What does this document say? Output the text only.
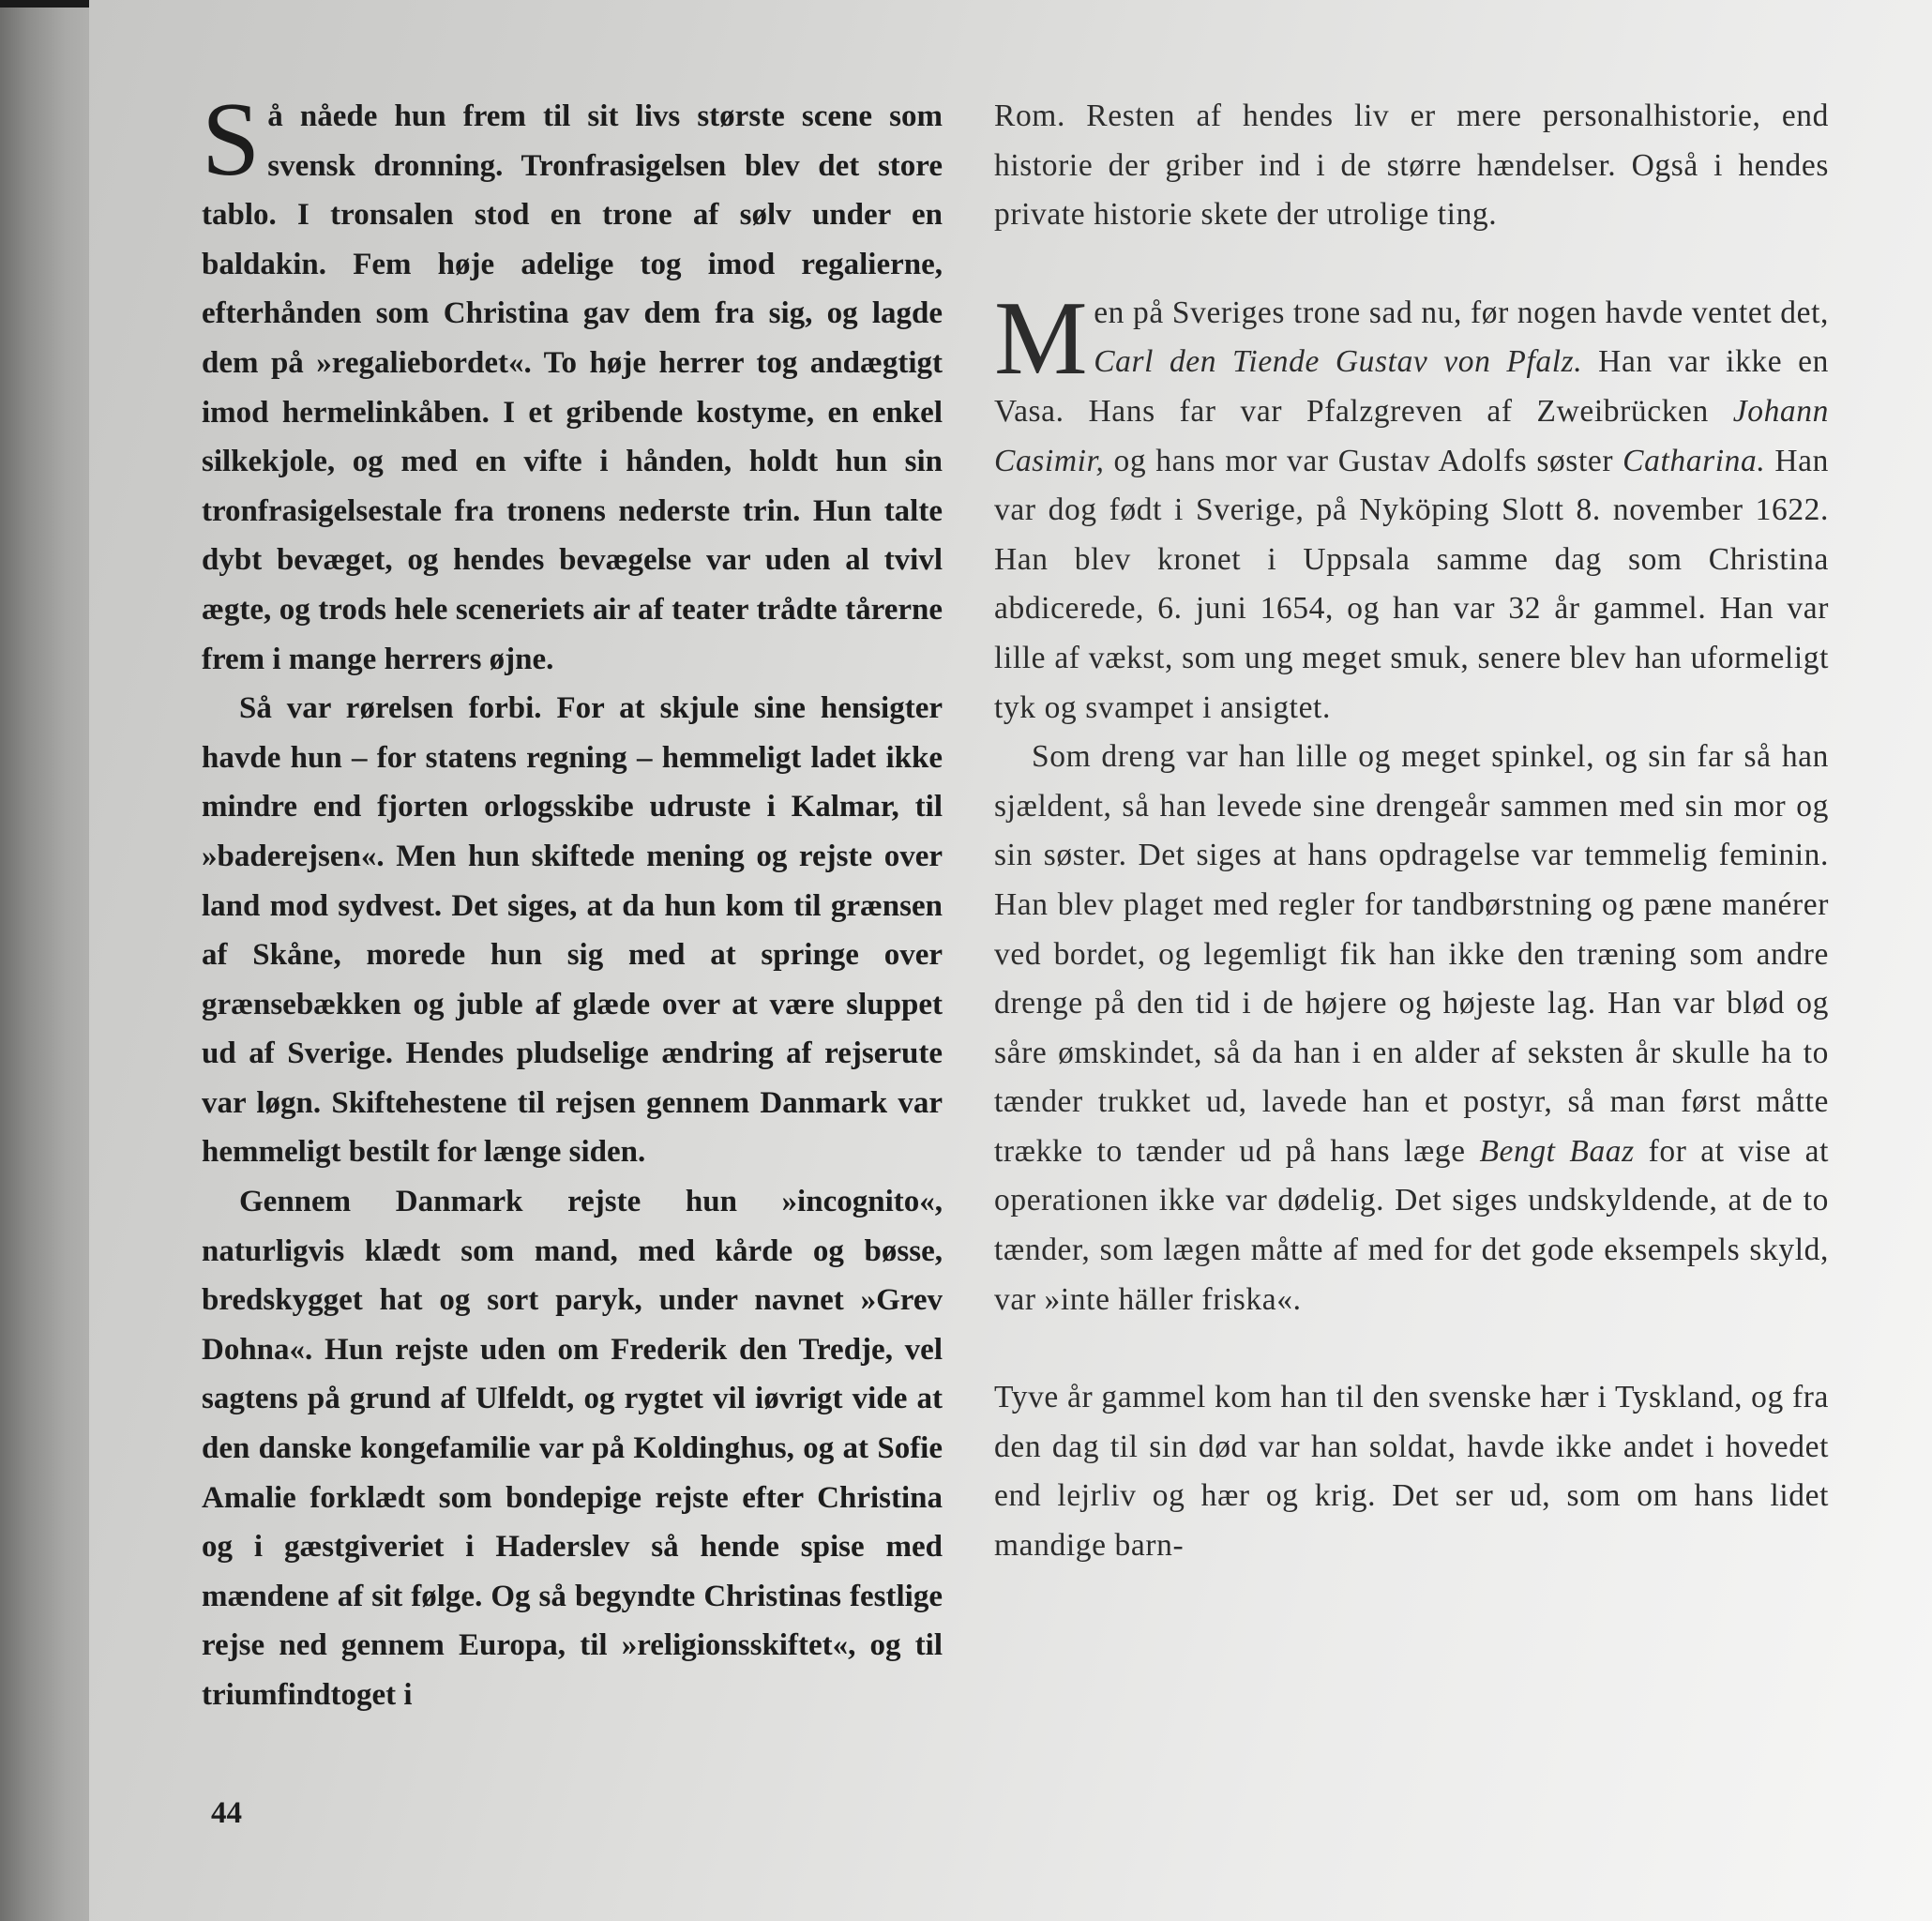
Så nåede hun frem til sit livs største scene som svensk dronning. Tronfrasigelsen blev det store tablo. I tronsalen stod en trone af sølv under en baldakin. Fem høje adelige tog imod regalierne, efterhånden som Christina gav dem fra sig, og lagde dem på »regaliebordet«. To høje herrer tog andægtigt imod hermelinkåben. I et gribende kostyme, en enkel silkekjole, og med en vifte i hånden, holdt hun sin tronfrasigelsestale fra tronens nederste trin. Hun talte dybt bevæget, og hendes bevægelse var uden al tvivl ægte, og trods hele sceneriets air af teater trådte tårerne frem i mange herrers øjne.

Så var rørelsen forbi. For at skjule sine hensigter havde hun – for statens regning – hemmeligt ladet ikke mindre end fjorten orlogsskibe udruste i Kalmar, til »baderejsen«. Men hun skiftede mening og rejste over land mod sydvest. Det siges, at da hun kom til grænsen af Skåne, morede hun sig med at springe over grænsebækken og juble af glæde over at være sluppet ud af Sverige. Hendes pludselige ændring af rejserute var løgn. Skiftehestene til rejsen gennem Danmark var hemmeligt bestilt for længe siden.

Gennem Danmark rejste hun »incognito«, naturligvis klædt som mand, med kårde og bøsse, bredskygget hat og sort paryk, under navnet »Grev Dohna«. Hun rejste uden om Frederik den Tredje, vel sagtens på grund af Ulfeldt, og rygtet vil iøvrigt vide at den danske kongefamilie var på Koldinghus, og at Sofie Amalie forklædt som bondepige rejste efter Christina og i gæstgiveriet i Haderslev så hende spise med mændene af sit følge. Og så begyndte Christinas festlige rejse ned gennem Europa, til »religionsskiftet«, og til triumfindtoget i

Rom. Resten af hendes liv er mere personalhistorie, end historie der griber ind i de større hændelser. Også i hendes private historie skete der utrolige ting.

Men på Sveriges trone sad nu, før nogen havde ventet det, Carl den Tiende Gustav von Pfalz. Han var ikke en Vasa. Hans far var Pfalzgreven af Zweibrücken Johann Casimir, og hans mor var Gustav Adolfs søster Catharina. Han var dog født i Sverige, på Nyköping Slott 8. november 1622. Han blev kronet i Uppsala samme dag som Christina abdicerede, 6. juni 1654, og han var 32 år gammel. Han var lille af vækst, som ung meget smuk, senere blev han uformeligt tyk og svampet i ansigtet.

Som dreng var han lille og meget spinkel, og sin far så han sjældent, så han levede sine drengeår sammen med sin mor og sin søster. Det siges at hans opdragelse var temmelig feminin. Han blev plaget med regler for tandbørstning og pæne manérer ved bordet, og legemligt fik han ikke den træning som andre drenge på den tid i de højere og højeste lag. Han var blød og såre ømskindet, så da han i en alder af seksten år skulle ha to tænder trukket ud, lavede han et postyr, så man først måtte trække to tænder ud på hans læge Bengt Baaz for at vise at operationen ikke var dødelig. Det siges undskyldende, at de to tænder, som lægen måtte af med for det gode eksempels skyld, var »inte häller friska«.

Tyve år gammel kom han til den svenske hær i Tyskland, og fra den dag til sin død var han soldat, havde ikke andet i hovedet end lejrliv og hær og krig. Det ser ud, som om hans lidet mandige barn-

44
